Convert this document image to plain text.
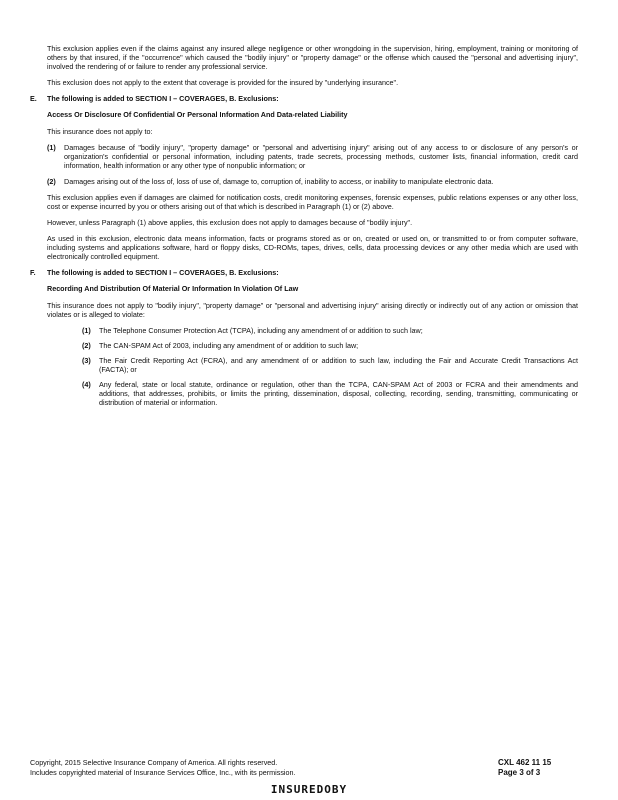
This exclusion applies even if the claims against any insured allege negligence or other wrongdoing in the supervision, hiring, employment, training or monitoring of others by that insured, if the "occurrence" which caused the "bodily injury" or "property damage" or the offense which caused the "personal and advertising injury", involved the rendering of or failure to render any professional service.

This exclusion does not apply to the extent that coverage is provided for the insured by "underlying insurance".

E.	The following is added to SECTION I – COVERAGES, B. Exclusions:
Access Or Disclosure Of Confidential Or Personal Information And Data-related Liability

This insurance does not apply to:

(1)	Damages because of "bodily injury", "property damage" or "personal and advertising injury" arising out of any access to or disclosure of any person's or organization's confidential or personal information, including patents, trade secrets, processing methods, customer lists, financial information, credit card information, health information or any other type of nonpublic information; or
(2)	Damages arising out of the loss of, loss of use of, damage to, corruption of, inability to access, or inability to manipulate electronic data.

This exclusion applies even if damages are claimed for notification costs, credit monitoring expenses, forensic expenses, public relations expenses or any other loss, cost or expense incurred by you or others arising out of that which is described in Paragraph (1) or (2) above.

However, unless Paragraph (1) above applies, this exclusion does not apply to damages because of "bodily injury".

As used in this exclusion, electronic data means information, facts or programs stored as or on, created or used on, or transmitted to or from computer software, including systems and applications software, hard or floppy disks, CD-ROMs, tapes, drives, cells, data processing devices or any other media which are used with electronically controlled equipment.

F.	The following is added to SECTION I – COVERAGES, B. Exclusions:
Recording And Distribution Of Material Or Information In Violation Of Law

This insurance does not apply to "bodily injury", "property damage" or "personal and advertising injury" arising directly or indirectly out of any action or omission that violates or is alleged to violate:

(1)	The Telephone Consumer Protection Act (TCPA), including any amendment of or addition to such law;
(2)	The CAN-SPAM Act of 2003, including any amendment of or addition to such law;
(3)	The Fair Credit Reporting Act (FCRA), and any amendment of or addition to such law, including the Fair and Accurate Credit Transactions Act (FACTA); or
(4)	Any federal, state or local statute, ordinance or regulation, other than the TCPA, CAN-SPAM Act of 2003 or FCRA and their amendments and additions, that addresses, prohibits, or limits the printing, dissemination, disposal, collecting, recording, sending, transmitting, communicating or distribution of material or information.
Copyright, 2015 Selective Insurance Company of America. All rights reserved.
Includes copyrighted material of Insurance Services Office, Inc., with its permission.
CXL 462 11 15
Page 3 of 3
INSUREDOBY
